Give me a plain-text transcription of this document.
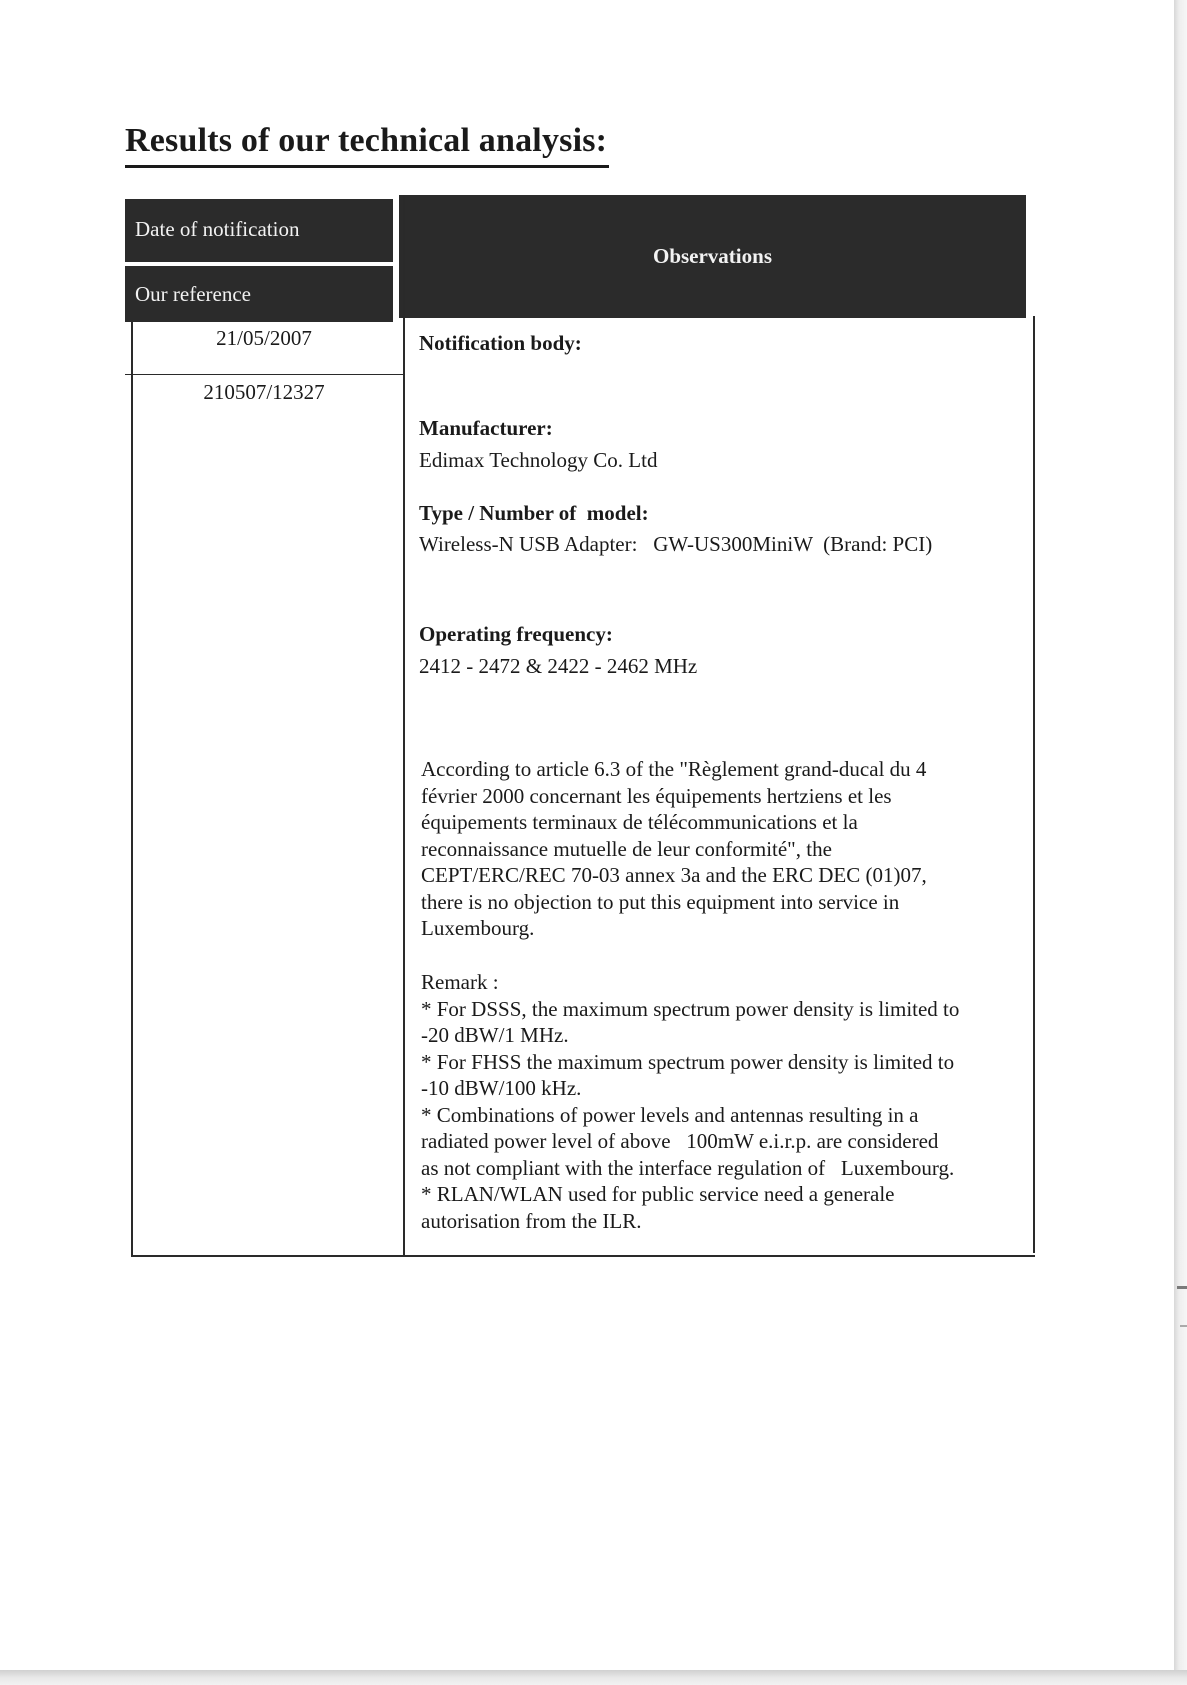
Results of our technical analysis:
Date of notification
Our reference
Observations
21/05/2007
210507/12327
Notification body:
Manufacturer:
Edimax Technology Co. Ltd
Type / Number of  model:
Wireless-N USB Adapter:   GW-US300MiniW  (Brand: PCI)
Operating frequency:
2412 - 2472 & 2422 - 2462 MHz
According to article 6.3 of the "Règlement grand-ducal du 4
février 2000 concernant les équipements hertziens et les
équipements terminaux de télécommunications et la
reconnaissance mutuelle de leur conformité", the
CEPT/ERC/REC 70-03 annex 3a and the ERC DEC (01)07,
there is no objection to put this equipment into service in
Luxembourg.
Remark :
* For DSSS, the maximum spectrum power density is limited to
-20 dBW/1 MHz.
* For FHSS the maximum spectrum power density is limited to
-10 dBW/100 kHz.
* Combinations of power levels and antennas resulting in a
radiated power level of above   100mW e.i.r.p. are considered
as not compliant with the interface regulation of   Luxembourg.
* RLAN/WLAN used for public service need a generale
autorisation from the ILR.
